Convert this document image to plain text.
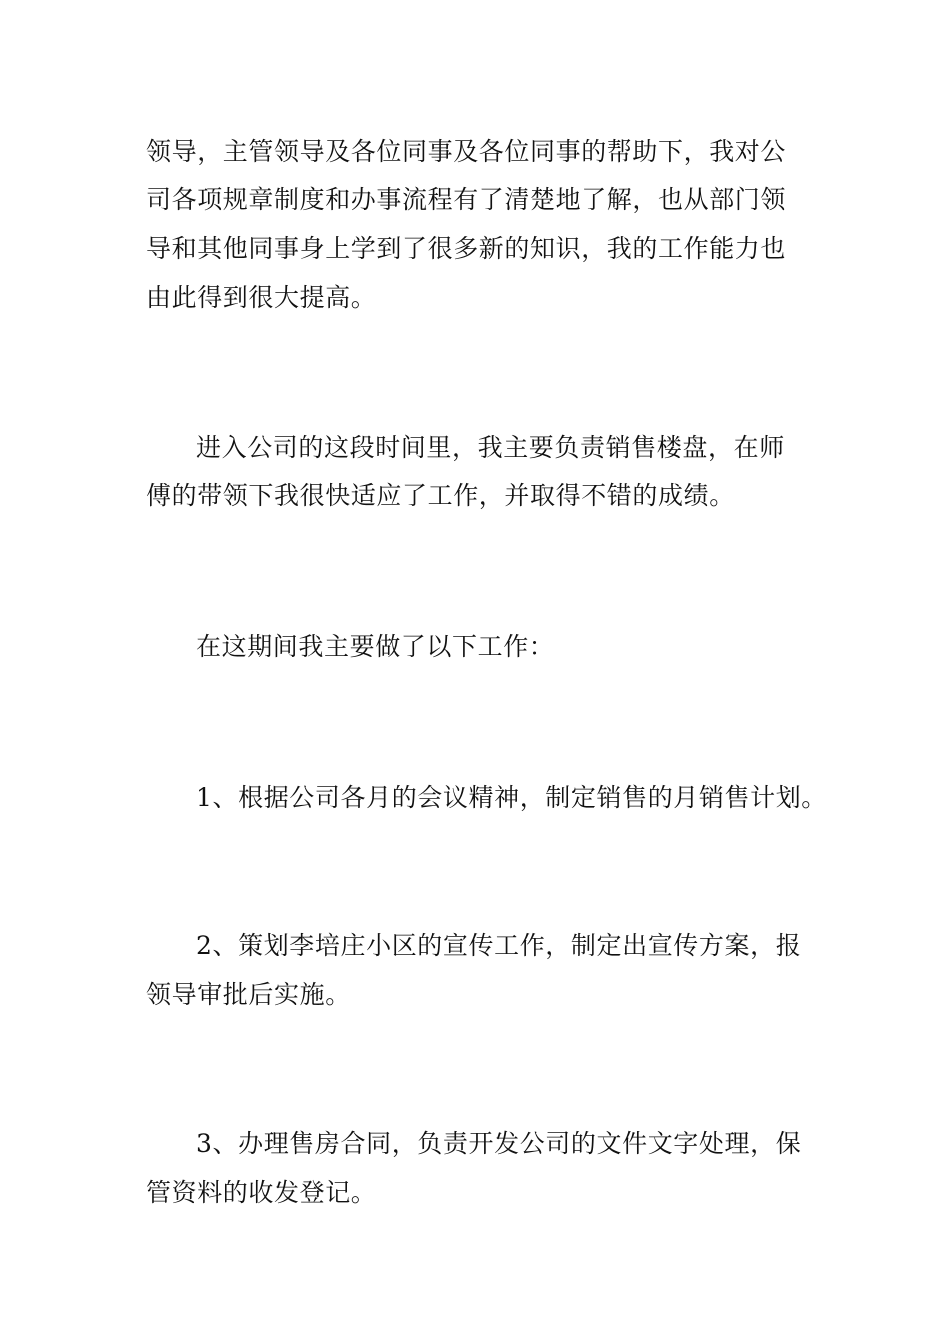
领导，主管领导及各位同事及各位同事的帮助下，我对公
司各项规章制度和办事流程有了清楚地了解，也从部门领
导和其他同事身上学到了很多新的知识，我的工作能力也
由此得到很大提高。
进入公司的这段时间里，我主要负责销售楼盘，在师
傅的带领下我很快适应了工作，并取得不错的成绩。
在这期间我主要做了以下工作：
1、根据公司各月的会议精神，制定销售的月销售计划。
2、策划李培庄小区的宣传工作，制定出宣传方案，报
领导审批后实施。
3、办理售房合同，负责开发公司的文件文字处理，保
管资料的收发登记。
